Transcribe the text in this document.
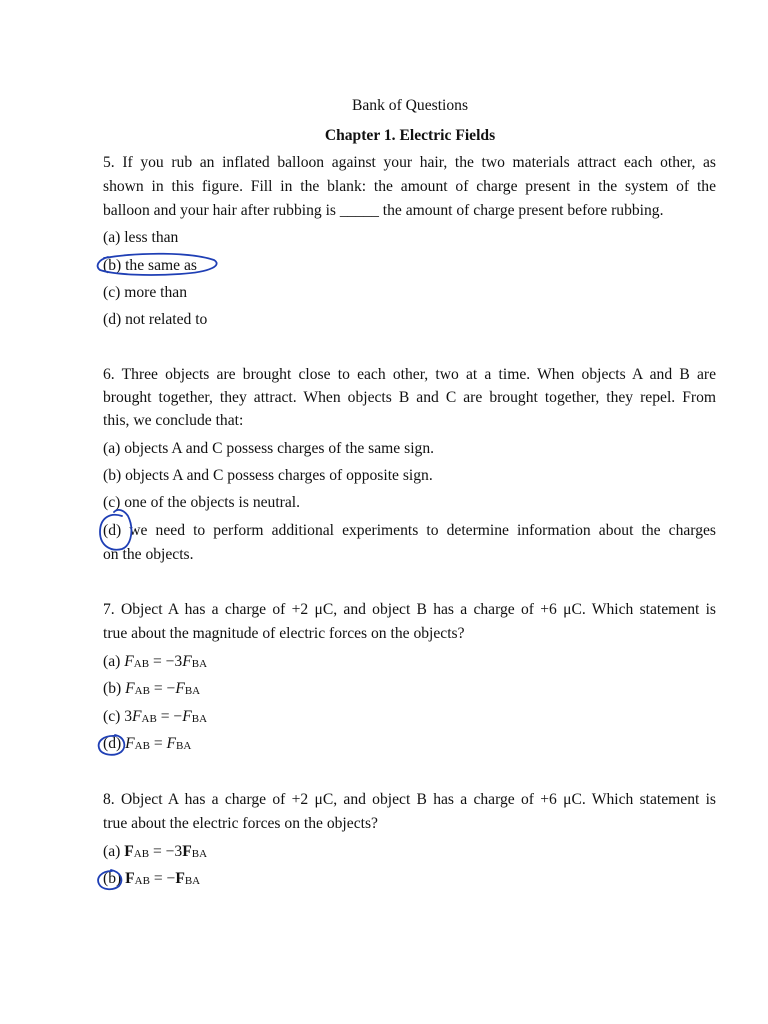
Bank of Questions
Chapter 1. Electric Fields
5. If you rub an inflated balloon against your hair, the two materials attract each other, as
shown in this figure. Fill in the blank: the amount of charge present in the system of the
balloon and your hair after rubbing is _____ the amount of charge present before rubbing.
(a) less than
(b) the same as
(c) more than
(d) not related to
6. Three objects are brought close to each other, two at a time. When objects A and B are
brought together, they attract. When objects B and C are brought together, they repel. From
this, we conclude that:
(a) objects A and C possess charges of the same sign.
(b) objects A and C possess charges of opposite sign.
(c) one of the objects is neutral.
(d) we need to perform additional experiments to determine information about the charges
on the objects.
7. Object A has a charge of +2 μC, and object B has a charge of +6 μC. Which statement is
true about the magnitude of electric forces on the objects?
(a) FAB = −3FBA
(b) FAB = −FBA
(c) 3FAB = −FBA
(d) FAB = FBA
8. Object A has a charge of +2 μC, and object B has a charge of +6 μC. Which statement is
true about the electric forces on the objects?
(a) FAB = −3FBA
(b) FAB = −FBA
